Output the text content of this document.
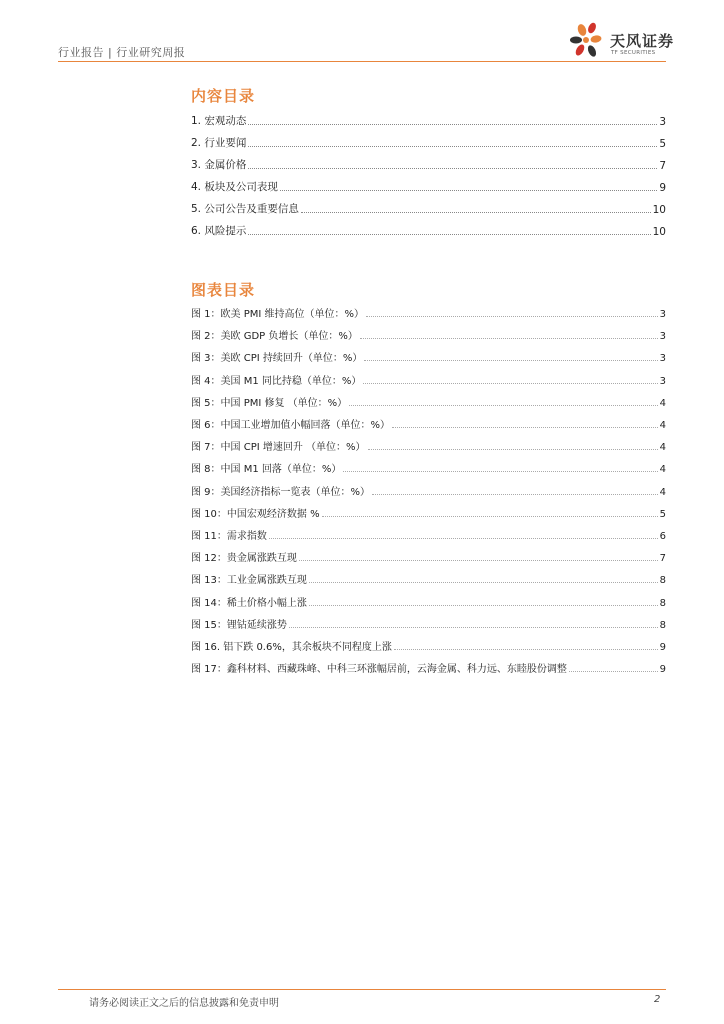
行业报告 | 行业研究周报
天风证券
TF SECURITIES
内容目录
1. 宏观动态	3
2. 行业要闻	5
3. 金属价格	7
4. 板块及公司表现	9
5. 公司公告及重要信息	10
6. 风险提示	10
图表目录
图 1：欧美 PMI 维持高位（单位：%）	3
图 2：美欧 GDP 负增长（单位：%）	3
图 3：美欧 CPI 持续回升（单位：%）	3
图 4：美国 M1 同比持稳（单位：%）	3
图 5：中国 PMI 修复 （单位：%）	4
图 6：中国工业增加值小幅回落（单位：%）	4
图 7：中国 CPI 增速回升 （单位：%）	4
图 8：中国 M1 回落（单位：%）	4
图 9：美国经济指标一览表（单位：%）	4
图 10：中国宏观经济数据 %	5
图 11：需求指数	6
图 12：贵金属涨跌互现	7
图 13：工业金属涨跌互现	8
图 14：稀土价格小幅上涨	8
图 15：锂钴延续涨势	8
图 16. 铝下跌 0.6%，其余板块不同程度上涨	9
图 17：鑫科材料、西藏珠峰、中科三环涨幅居前，云海金属、科力远、东睦股份调整	9
请务必阅读正文之后的信息披露和免责申明	2
